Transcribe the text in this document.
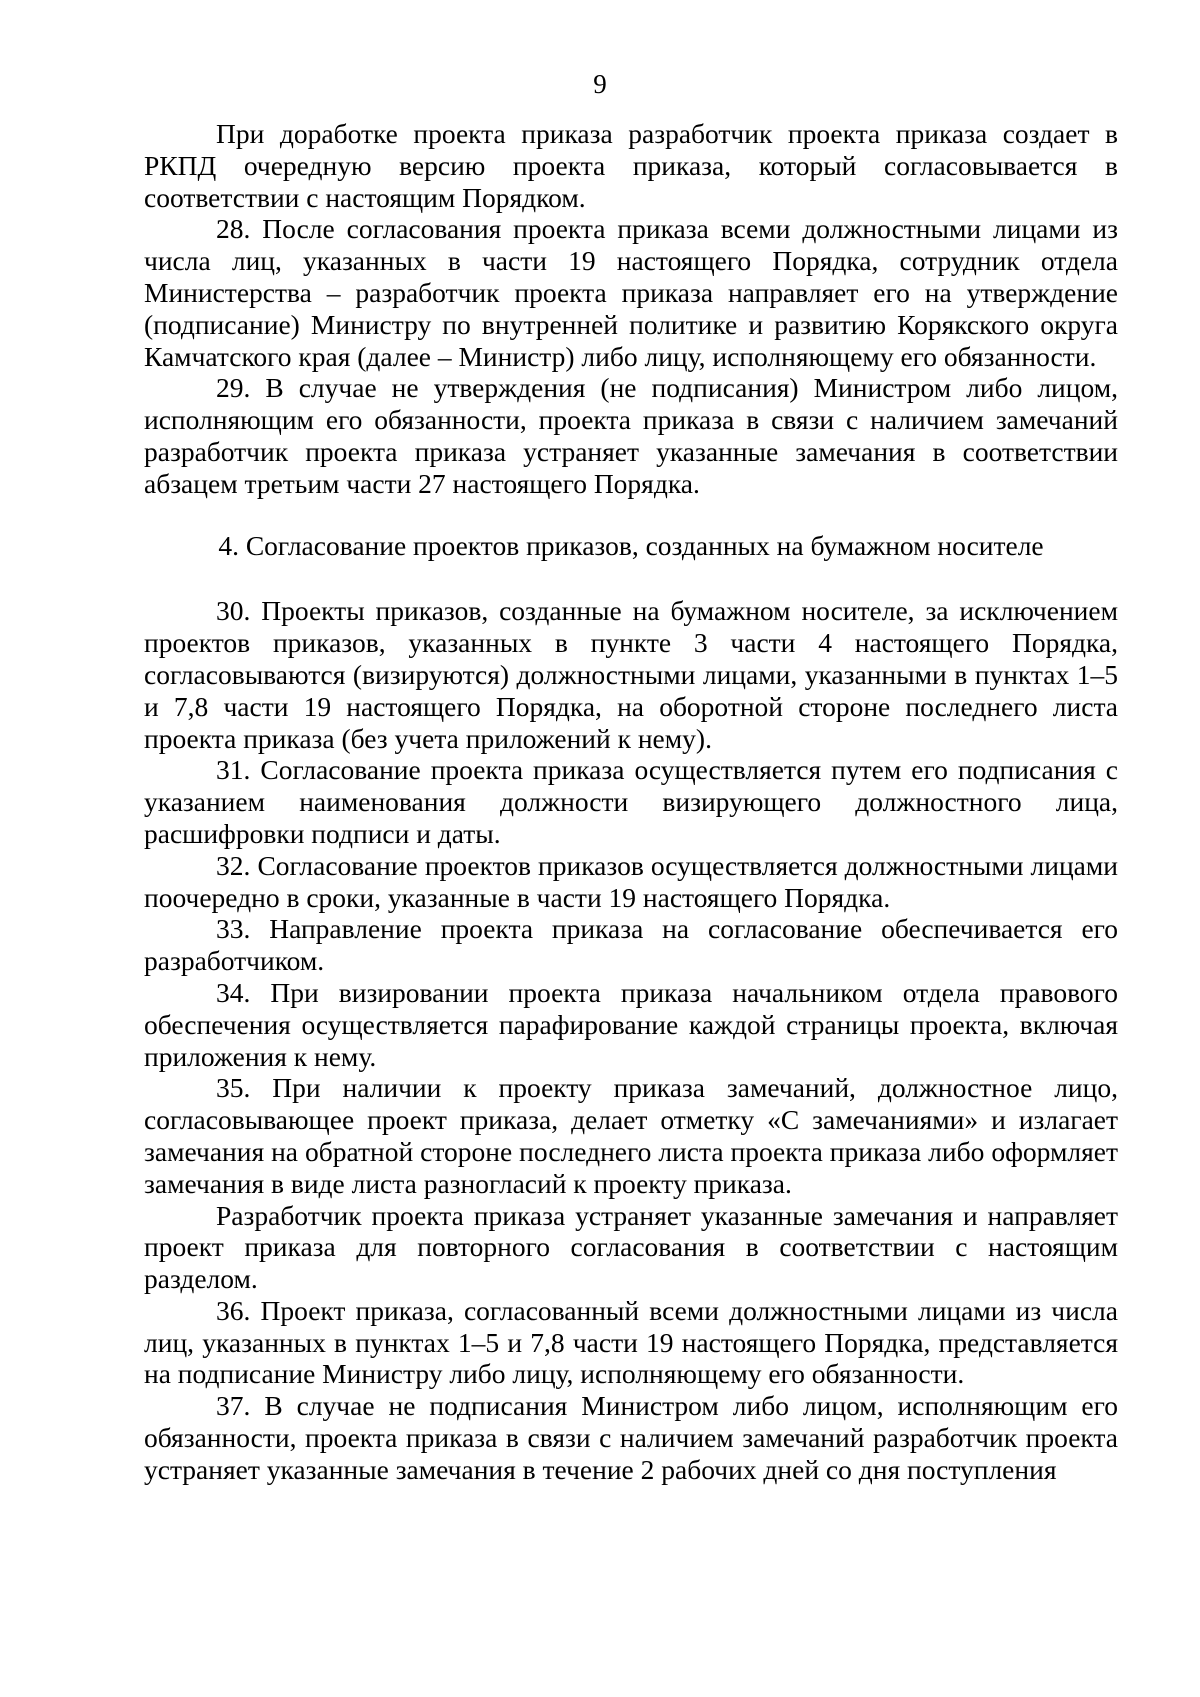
9

При доработке проекта приказа разработчик проекта приказа создает в РКПД очередную версию проекта приказа, который согласовывается в соответствии с настоящим Порядком.

28. После согласования проекта приказа всеми должностными лицами из числа лиц, указанных в части 19 настоящего Порядка, сотрудник отдела Министерства – разработчик проекта приказа направляет его на утверждение (подписание) Министру по внутренней политике и развитию Корякского округа Камчатского края (далее – Министр) либо лицу, исполняющему его обязанности.

29. В случае не утверждения (не подписания) Министром либо лицом, исполняющим его обязанности, проекта приказа в связи с наличием замечаний разработчик проекта приказа устраняет указанные замечания в соответствии абзацем третьим части 27 настоящего Порядка.

4. Согласование проектов приказов, созданных на бумажном носителе

30. Проекты приказов, созданные на бумажном носителе, за исключением проектов приказов, указанных в пункте 3 части 4 настоящего Порядка, согласовываются (визируются) должностными лицами, указанными в пунктах 1–5 и 7,8 части 19 настоящего Порядка, на оборотной стороне последнего листа проекта приказа (без учета приложений к нему).

31. Согласование проекта приказа осуществляется путем его подписания с указанием наименования должности визирующего должностного лица, расшифровки подписи и даты.

32. Согласование проектов приказов осуществляется должностными лицами поочередно в сроки, указанные в части 19 настоящего Порядка.

33. Направление проекта приказа на согласование обеспечивается его разработчиком.

34. При визировании проекта приказа начальником отдела правового обеспечения осуществляется парафирование каждой страницы проекта, включая приложения к нему.

35. При наличии к проекту приказа замечаний, должностное лицо, согласовывающее проект приказа, делает отметку «С замечаниями» и излагает замечания на обратной стороне последнего листа проекта приказа либо оформляет замечания в виде листа разногласий к проекту приказа.

Разработчик проекта приказа устраняет указанные замечания и направляет проект приказа для повторного согласования в соответствии с настоящим разделом.

36. Проект приказа, согласованный всеми должностными лицами из числа лиц, указанных в пунктах 1–5 и 7,8 части 19 настоящего Порядка, представляется на подписание Министру либо лицу, исполняющему его обязанности.

37. В случае не подписания Министром либо лицом, исполняющим его обязанности, проекта приказа в связи с наличием замечаний разработчик проекта устраняет указанные замечания в течение 2 рабочих дней со дня поступления
